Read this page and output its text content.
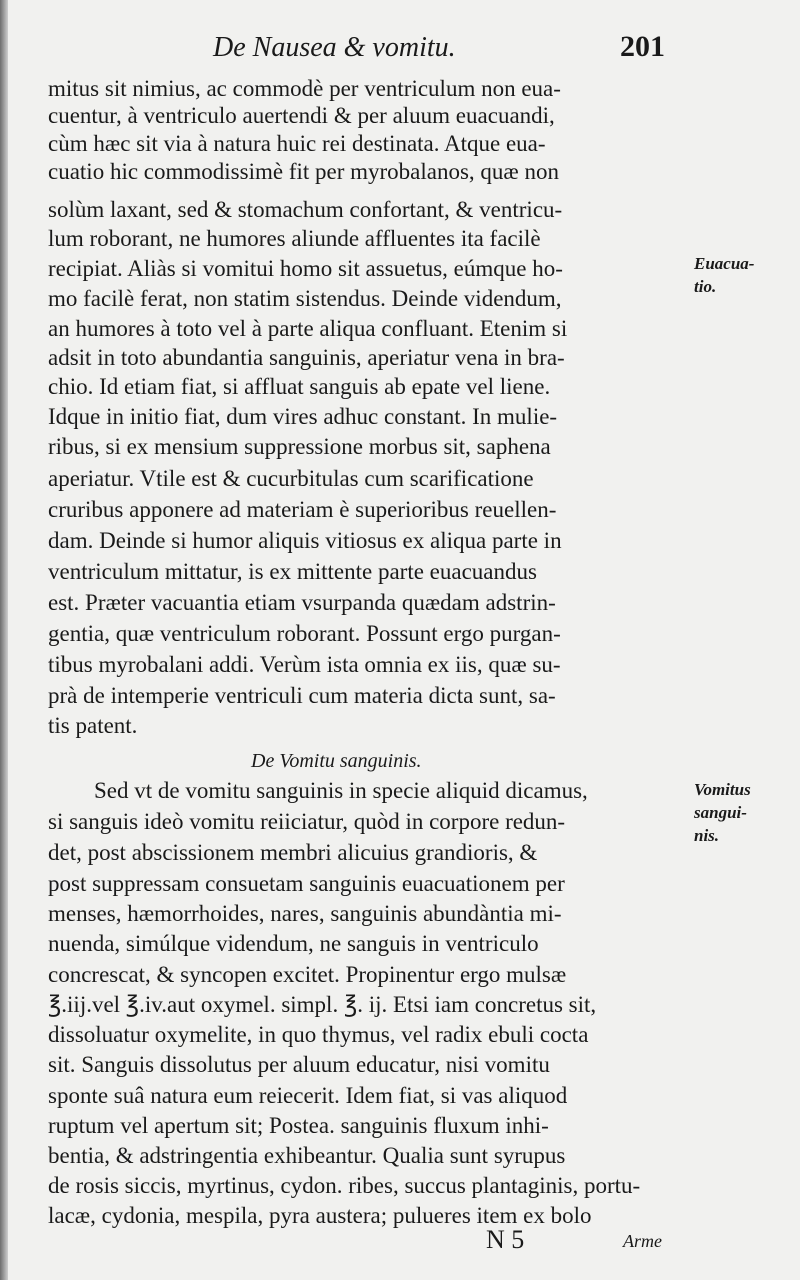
De Nausea & vomitu.	201
mitus sit nimius, ac commodè per ventriculum non eua-
cuentur, à ventriculo auertendi & per aluum euacuandi,
cùm hæc sit via à natura huic rei destinata. Atque eua-
cuatio hic commodissimè fit per myrobalanos, quæ non
solùm laxant, sed & stomachum confortant, & ventricu-
lum roborant, ne humores aliunde affluentes ita facilè
recipiat. Aliàs si vomitui homo sit assuetus, eúmque ho-
mo facilè ferat, non statim sistendus. Deinde videndum,
an humores à toto vel à parte aliqua confluant. Etenim si
adsit in toto abundantia sanguinis, aperiatur vena in bra-
chio. Id etiam fiat, si affluat sanguis ab epate vel liene.
Idque in initio fiat, dum vires adhuc constant. In mulie-
ribus, si ex mensium suppressione morbus sit, saphena
aperiatur. Vtile est & cucurbitulas cum scarificatione
cruribus apponere ad materiam è superioribus reuellen-
dam. Deinde si humor aliquis vitiosus ex aliqua parte in
ventriculum mittatur, is ex mittente parte euacuandus
est. Præter vacuantia etiam vsurpanda quædam adstrin-
gentia, quæ ventriculum roborant. Possunt ergo purgan-
tibus myrobalani addi. Verùm ista omnia ex iis, quæ su-
prà de intemperie ventriculi cum materia dicta sunt, sa-
tis patent.
De Vomitu sanguinis.
Sed vt de vomitu sanguinis in specie aliquid dicamus,
si sanguis ideò vomitu reiiciatur, quòd in corpore redun-
det, post abscissionem membri alicuius grandioris, &
post suppressam consuetam sanguinis euacuationem per
menses, hæmorrhoides, nares, sanguinis abundàntia mi-
nuenda, simúlque videndum, ne sanguis in ventriculo
concrescat, & syncopen excitet. Propinentur ergo mulsæ
℥.iij.vel ℥.iv.aut oxymel. simpl. ℥. ij. Etsi iam concretus sit,
dissoluatur oxymelite, in quo thymus, vel radix ebuli cocta
sit. Sanguis dissolutus per aluum educatur, nisi vomitu
sponte suâ natura eum reiecerit. Idem fiat, si vas aliquod
ruptum vel apertum sit; Postea. sanguinis fluxum inhi-
bentia, & adstringentia exhibeantur. Qualia sunt syrupus
de rosis siccis, myrtinus, cydon. ribes, succus plantaginis, portu-
lacæ, cydonia, mespila, pyra austera; pulueres item ex bolo
Euacua-
tio.
Vomitus
sangui-
nis.
N 5	Arme
